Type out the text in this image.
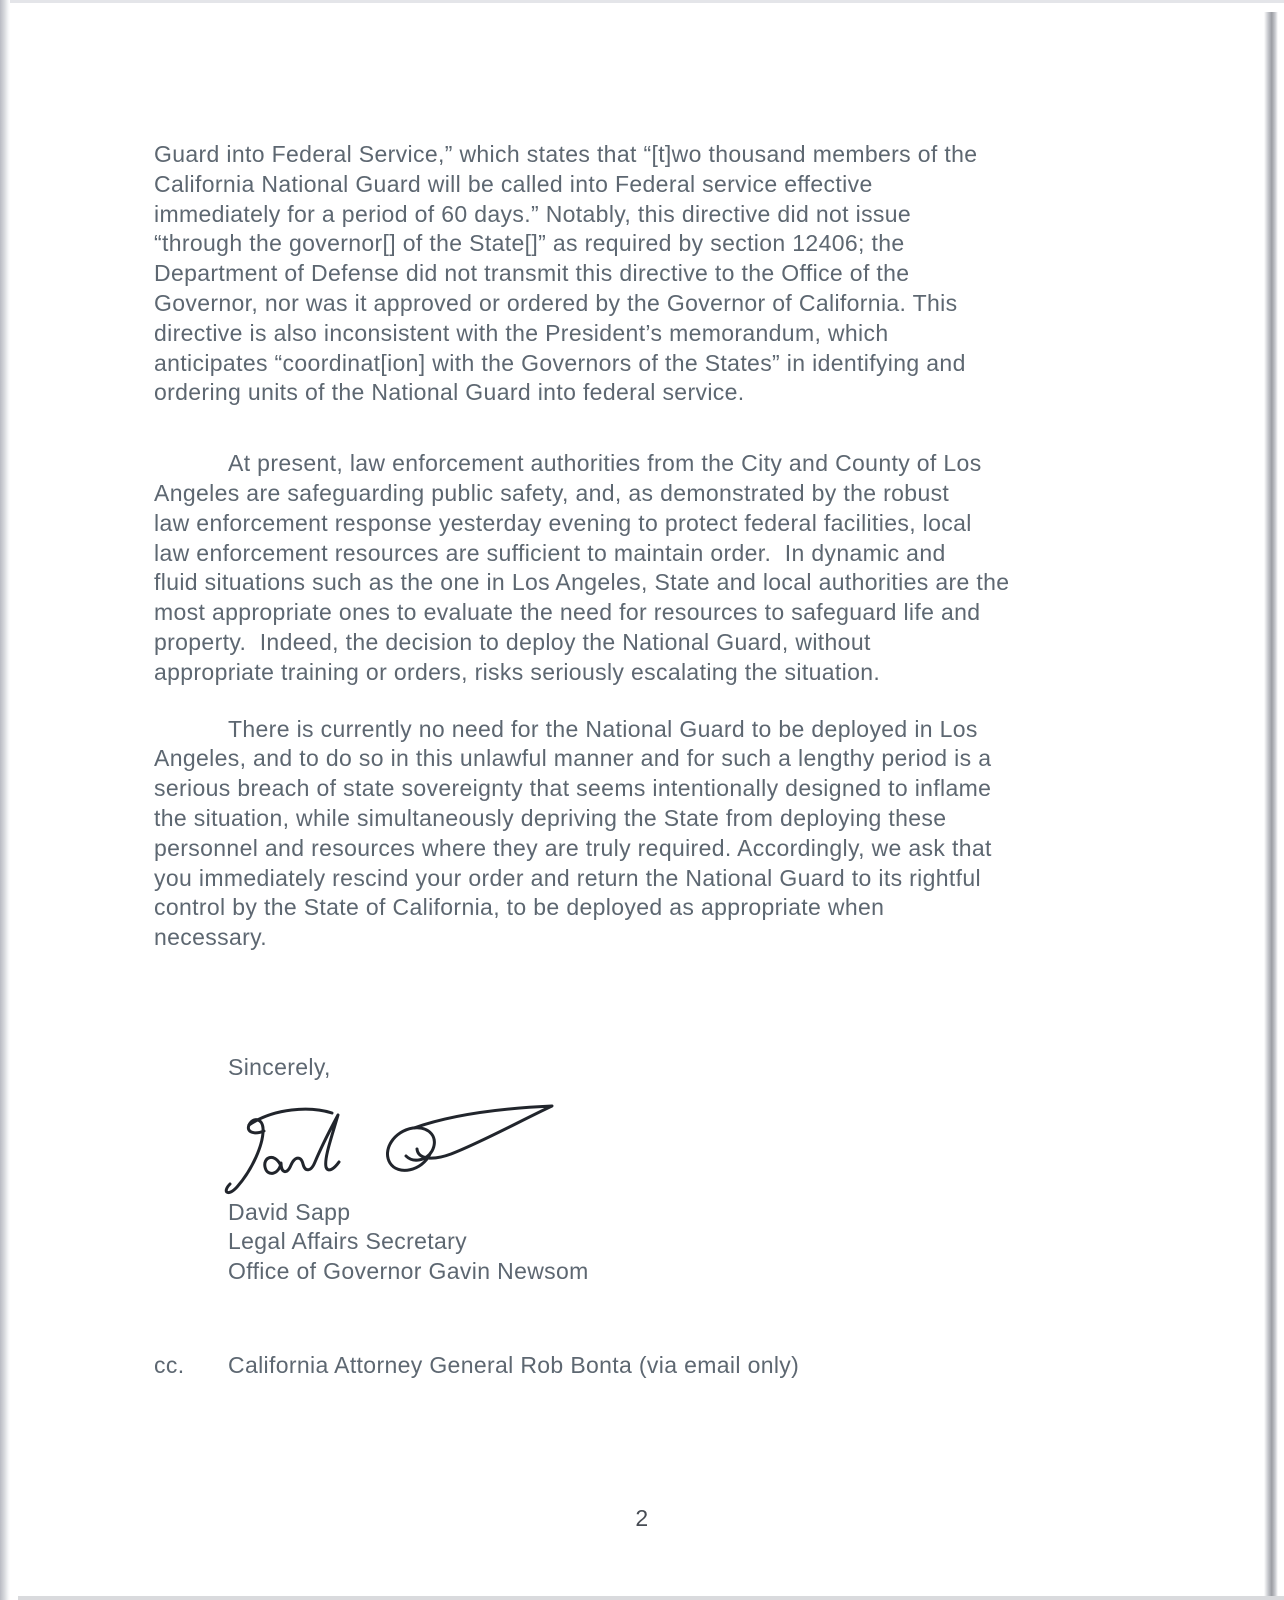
Guard into Federal Service,” which states that “[t]wo thousand members of the
California National Guard will be called into Federal service effective
immediately for a period of 60 days.” Notably, this directive did not issue
“through the governor[] of the State[]” as required by section 12406; the
Department of Defense did not transmit this directive to the Office of the
Governor, nor was it approved or ordered by the Governor of California. This
directive is also inconsistent with the President’s memorandum, which
anticipates “coordinat[ion] with the Governors of the States” in identifying and
ordering units of the National Guard into federal service.
At present, law enforcement authorities from the City and County of Los
Angeles are safeguarding public safety, and, as demonstrated by the robust
law enforcement response yesterday evening to protect federal facilities, local
law enforcement resources are sufficient to maintain order.  In dynamic and
fluid situations such as the one in Los Angeles, State and local authorities are the
most appropriate ones to evaluate the need for resources to safeguard life and
property.  Indeed, the decision to deploy the National Guard, without
appropriate training or orders, risks seriously escalating the situation.
There is currently no need for the National Guard to be deployed in Los
Angeles, and to do so in this unlawful manner and for such a lengthy period is a
serious breach of state sovereignty that seems intentionally designed to inflame
the situation, while simultaneously depriving the State from deploying these
personnel and resources where they are truly required. Accordingly, we ask that
you immediately rescind your order and return the National Guard to its rightful
control by the State of California, to be deployed as appropriate when
necessary.
Sincerely,
David Sapp
Legal Affairs Secretary
Office of Governor Gavin Newsom
cc. California Attorney General Rob Bonta (via email only)
2
